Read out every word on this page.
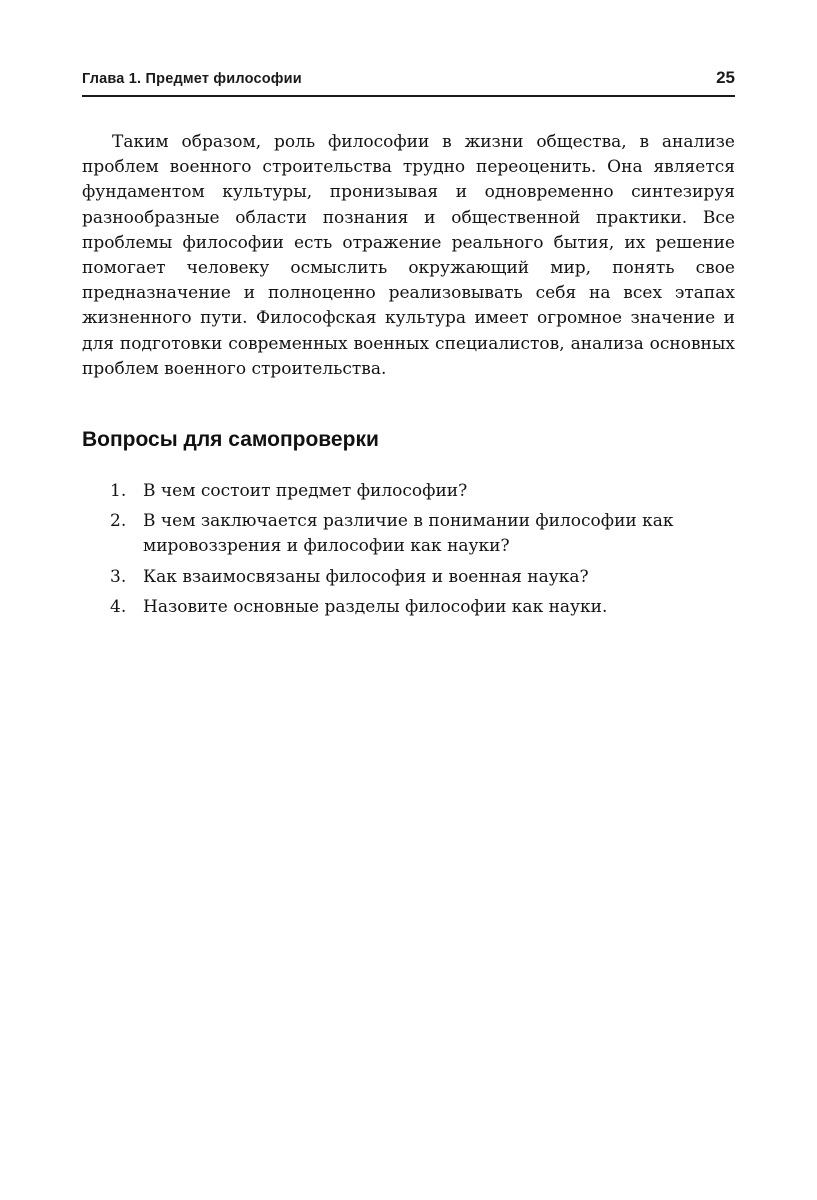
Глава 1. Предмет философии	25

Таким образом, роль философии в жизни общества, в анализе проблем военного строительства трудно переоценить. Она является фундаментом культуры, пронизывая и одновременно синтезируя разнообразные области познания и общественной практики. Все проблемы философии есть отражение реального бытия, их решение помогает человеку осмыслить окружающий мир, понять свое предназначение и полноценно реализовывать себя на всех этапах жизненного пути. Философская культура имеет огромное значение и для подготовки современных военных специалистов, анализа основных проблем военного строительства.

Вопросы для самопроверки
1. В чем состоит предмет философии?
2. В чем заключается различие в понимании философии как мировоззрения и философии как науки?
3. Как взаимосвязаны философия и военная наука?
4. Назовите основные разделы философии как науки.
